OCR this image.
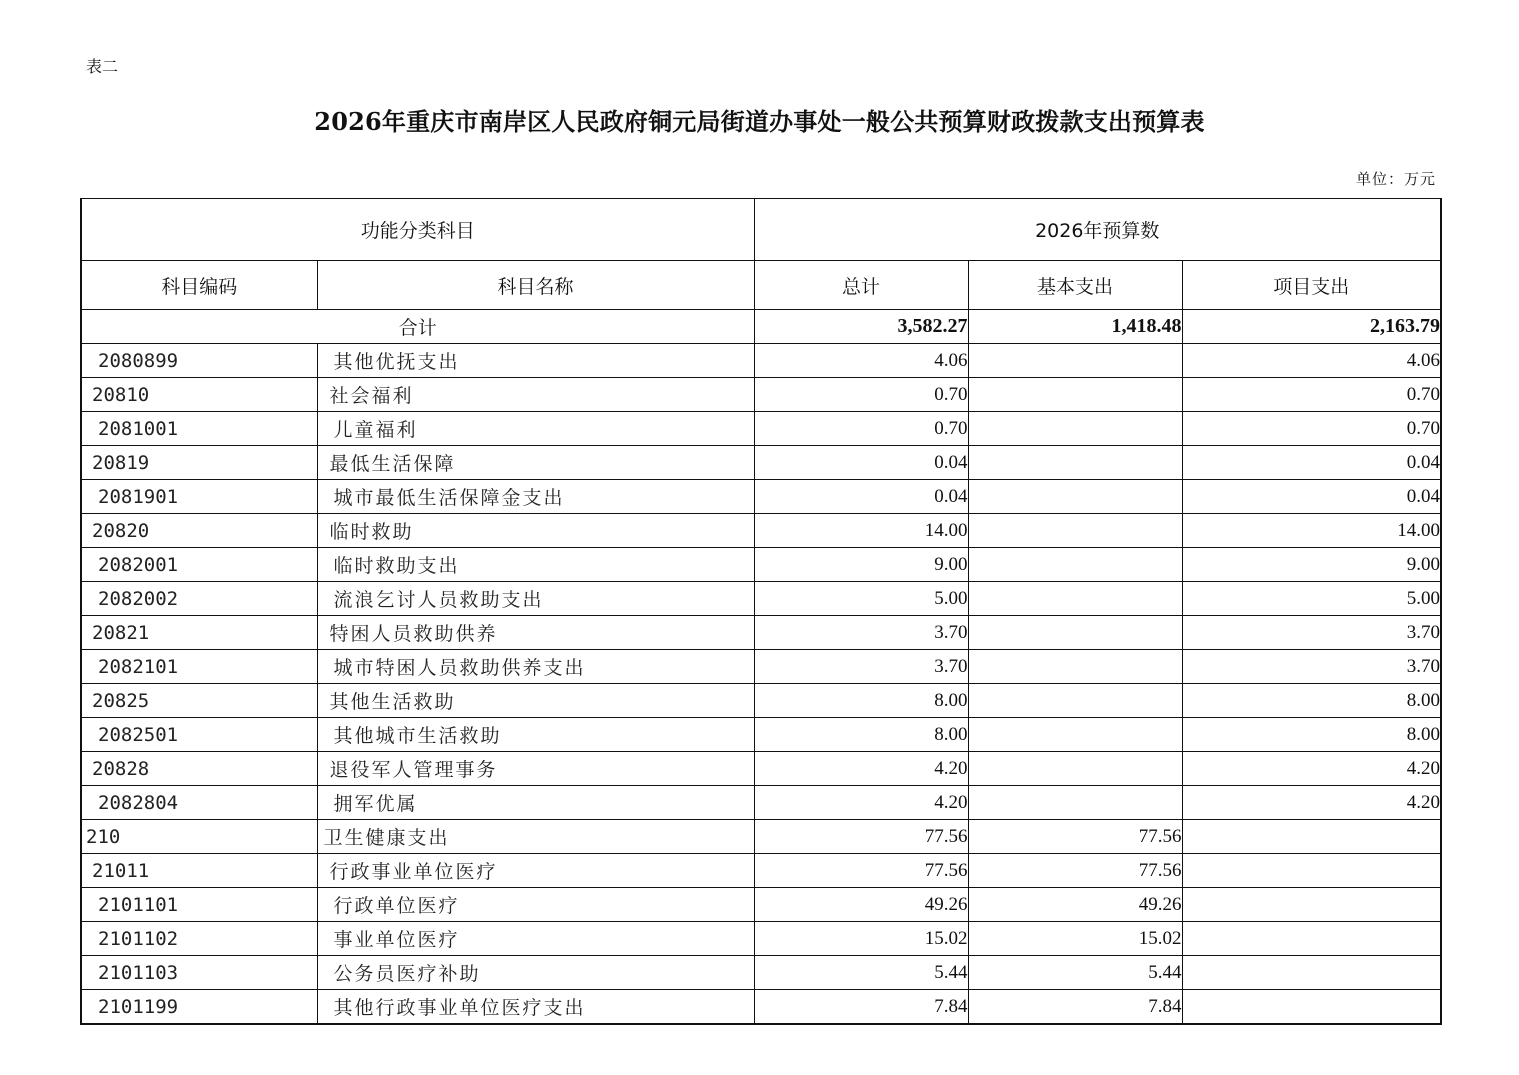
表二
2026年重庆市南岸区人民政府铜元局街道办事处一般公共预算财政拨款支出预算表
单位：万元
功能分类科目		2026年预算数		
科目编码	科目名称	总计	基本支出	项目支出
合计		3,582.27	1,418.48	2,163.79
2080899	其他优抚支出	4.06		4.06
20810	社会福利	0.70		0.70
2081001	儿童福利	0.70		0.70
20819	最低生活保障	0.04		0.04
2081901	城市最低生活保障金支出	0.04		0.04
20820	临时救助	14.00		14.00
2082001	临时救助支出	9.00		9.00
2082002	流浪乞讨人员救助支出	5.00		5.00
20821	特困人员救助供养	3.70		3.70
2082101	城市特困人员救助供养支出	3.70		3.70
20825	其他生活救助	8.00		8.00
2082501	其他城市生活救助	8.00		8.00
20828	退役军人管理事务	4.20		4.20
2082804	拥军优属	4.20		4.20
210	卫生健康支出	77.56	77.56	
21011	行政事业单位医疗	77.56	77.56	
2101101	行政单位医疗	49.26	49.26	
2101102	事业单位医疗	15.02	15.02	
2101103	公务员医疗补助	5.44	5.44	
2101199	其他行政事业单位医疗支出	7.84	7.84	
